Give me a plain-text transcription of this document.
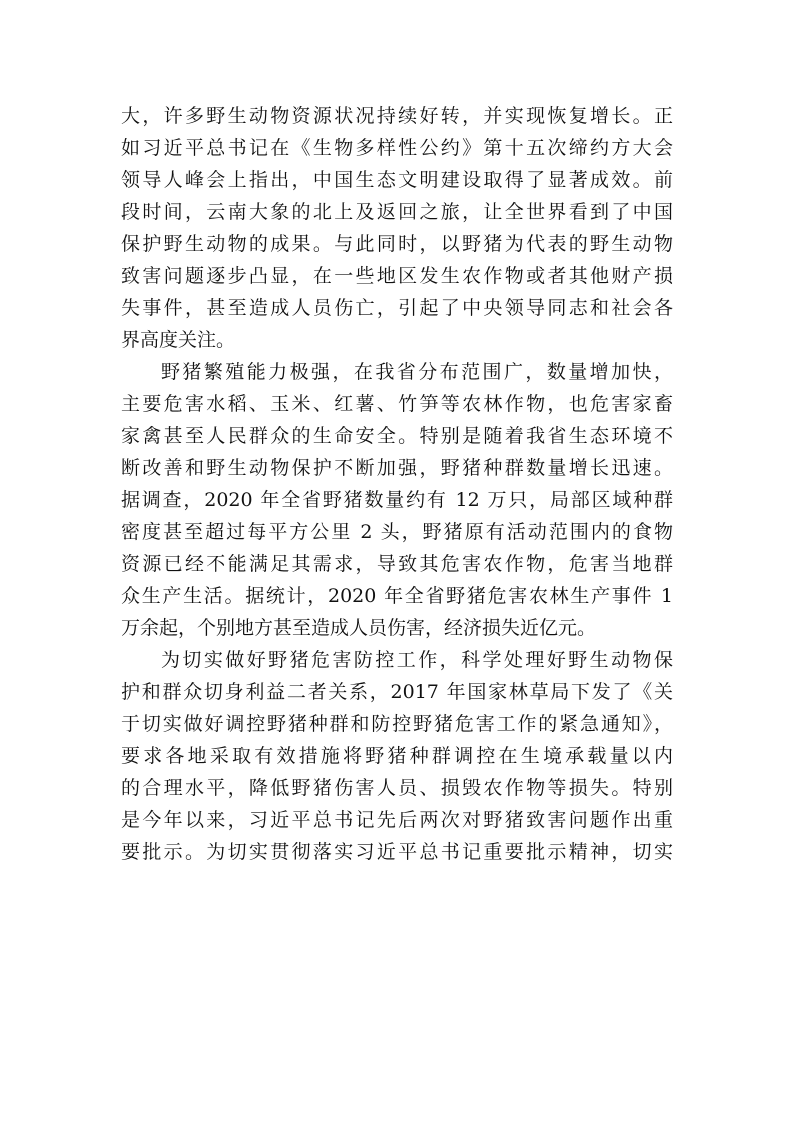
大，许多野生动物资源状况持续好转，并实现恢复增长。正
如习近平总书记在《生物多样性公约》第十五次缔约方大会
领导人峰会上指出，中国生态文明建设取得了显著成效。前
段时间，云南大象的北上及返回之旅，让全世界看到了中国
保护野生动物的成果。与此同时，以野猪为代表的野生动物
致害问题逐步凸显，在一些地区发生农作物或者其他财产损
失事件，甚至造成人员伤亡，引起了中央领导同志和社会各
界高度关注。
野猪繁殖能力极强，在我省分布范围广，数量增加快，
主要危害水稻、玉米、红薯、竹笋等农林作物，也危害家畜
家禽甚至人民群众的生命安全。特别是随着我省生态环境不
断改善和野生动物保护不断加强，野猪种群数量增长迅速。
据调查，2020 年全省野猪数量约有 12 万只，局部区域种群
密度甚至超过每平方公里 2 头，野猪原有活动范围内的食物
资源已经不能满足其需求，导致其危害农作物，危害当地群
众生产生活。据统计，2020 年全省野猪危害农林生产事件 1
万余起，个别地方甚至造成人员伤害，经济损失近亿元。
为切实做好野猪危害防控工作，科学处理好野生动物保
护和群众切身利益二者关系，2017 年国家林草局下发了《关
于切实做好调控野猪种群和防控野猪危害工作的紧急通知》，
要求各地采取有效措施将野猪种群调控在生境承载量以内
的合理水平，降低野猪伤害人员、损毁农作物等损失。特别
是今年以来，习近平总书记先后两次对野猪致害问题作出重
要批示。为切实贯彻落实习近平总书记重要批示精神，切实
